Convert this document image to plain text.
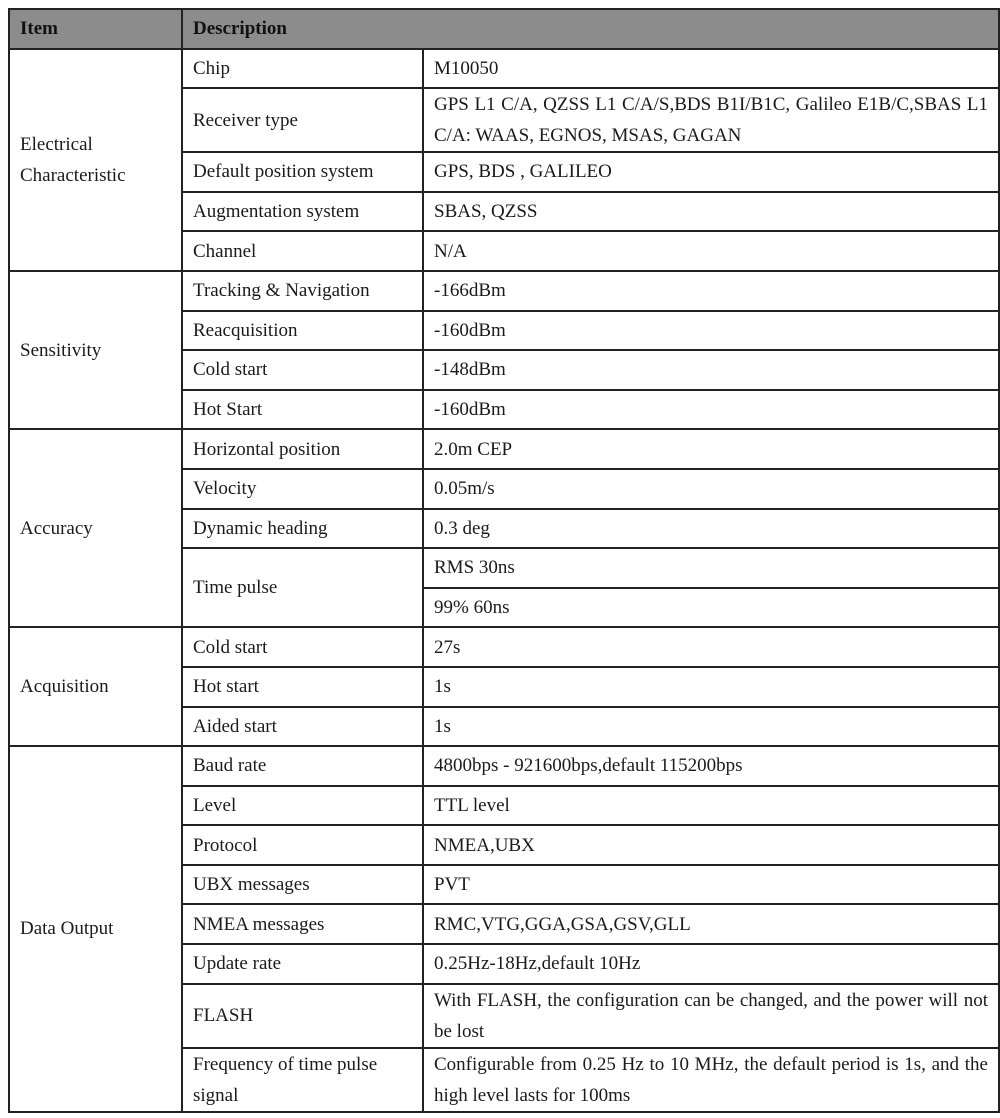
Item	Description	
Electrical Characteristic	Chip	M10050
	Receiver type	GPS L1 C/A, QZSS L1 C/A/S,BDS B1I/B1C, Galileo E1B/C,SBAS L1 C/A: WAAS, EGNOS, MSAS, GAGAN
	Default position system	GPS, BDS , GALILEO
	Augmentation system	SBAS, QZSS
	Channel	N/A
Sensitivity	Tracking & Navigation	-166dBm
	Reacquisition	-160dBm
	Cold start	-148dBm
	Hot Start	-160dBm
Accuracy	Horizontal position	2.0m CEP
	Velocity	0.05m/s
	Dynamic heading	0.3 deg
	Time pulse	RMS 30ns
		99% 60ns
Acquisition	Cold start	27s
	Hot start	1s
	Aided start	1s
Data Output	Baud rate	4800bps - 921600bps,default 115200bps
	Level	TTL level
	Protocol	NMEA,UBX
	UBX messages	PVT
	NMEA messages	RMC,VTG,GGA,GSA,GSV,GLL
	Update rate	0.25Hz-18Hz,default 10Hz
	FLASH	With FLASH, the configuration can be changed, and the power will not be lost
	Frequency of time pulse signal	Configurable from 0.25 Hz to 10 MHz, the default period is 1s, and the high level lasts for 100ms
